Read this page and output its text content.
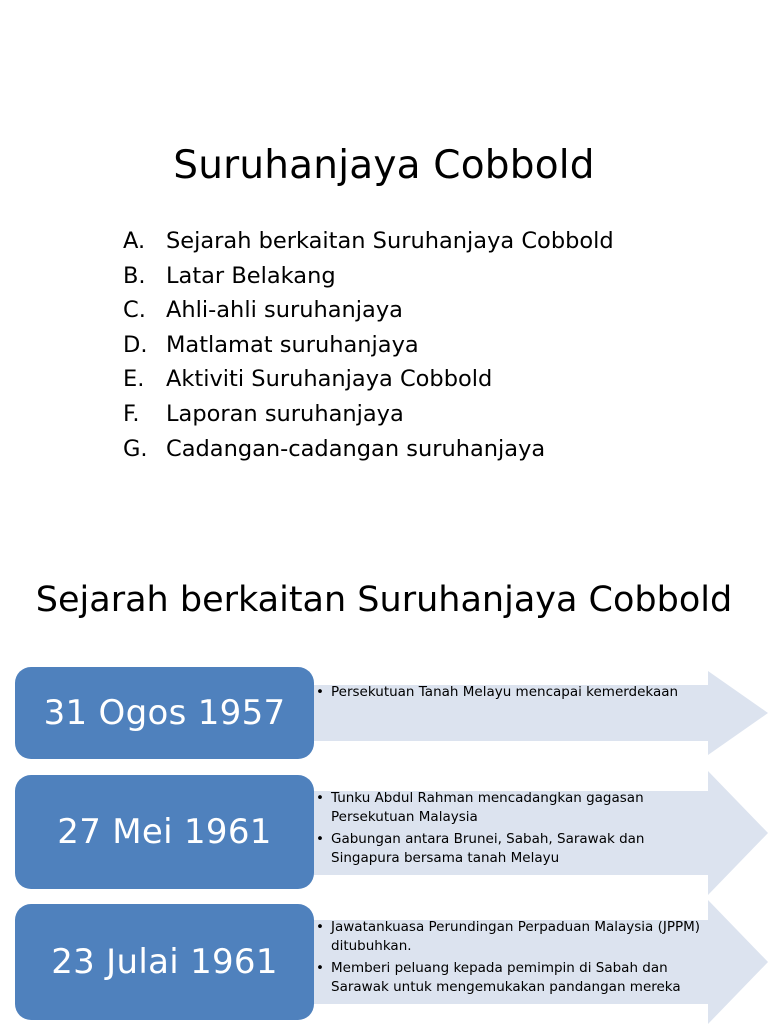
Suruhanjaya Cobbold
A. Sejarah berkaitan Suruhanjaya Cobbold
B. Latar Belakang
C. Ahli-ahli suruhanjaya
D. Matlamat suruhanjaya
E. Aktiviti Suruhanjaya Cobbold
F.	Laporan suruhanjaya
G. Cadangan-cadangan suruhanjaya
Sejarah berkaitan Suruhanjaya Cobbold
31 Ogos 1957
• Persekutuan Tanah Melayu mencapai kemerdekaan
27 Mei 1961
• Tunku Abdul Rahman mencadangkan gagasan Persekutuan Malaysia
• Gabungan antara Brunei, Sabah, Sarawak dan Singapura bersama tanah Melayu
23 Julai 1961
• Jawatankuasa Perundingan Perpaduan Malaysia (JPPM) ditubuhkan.
• Memberi peluang kepada pemimpin di Sabah dan Sarawak untuk mengemukakan pandangan mereka
